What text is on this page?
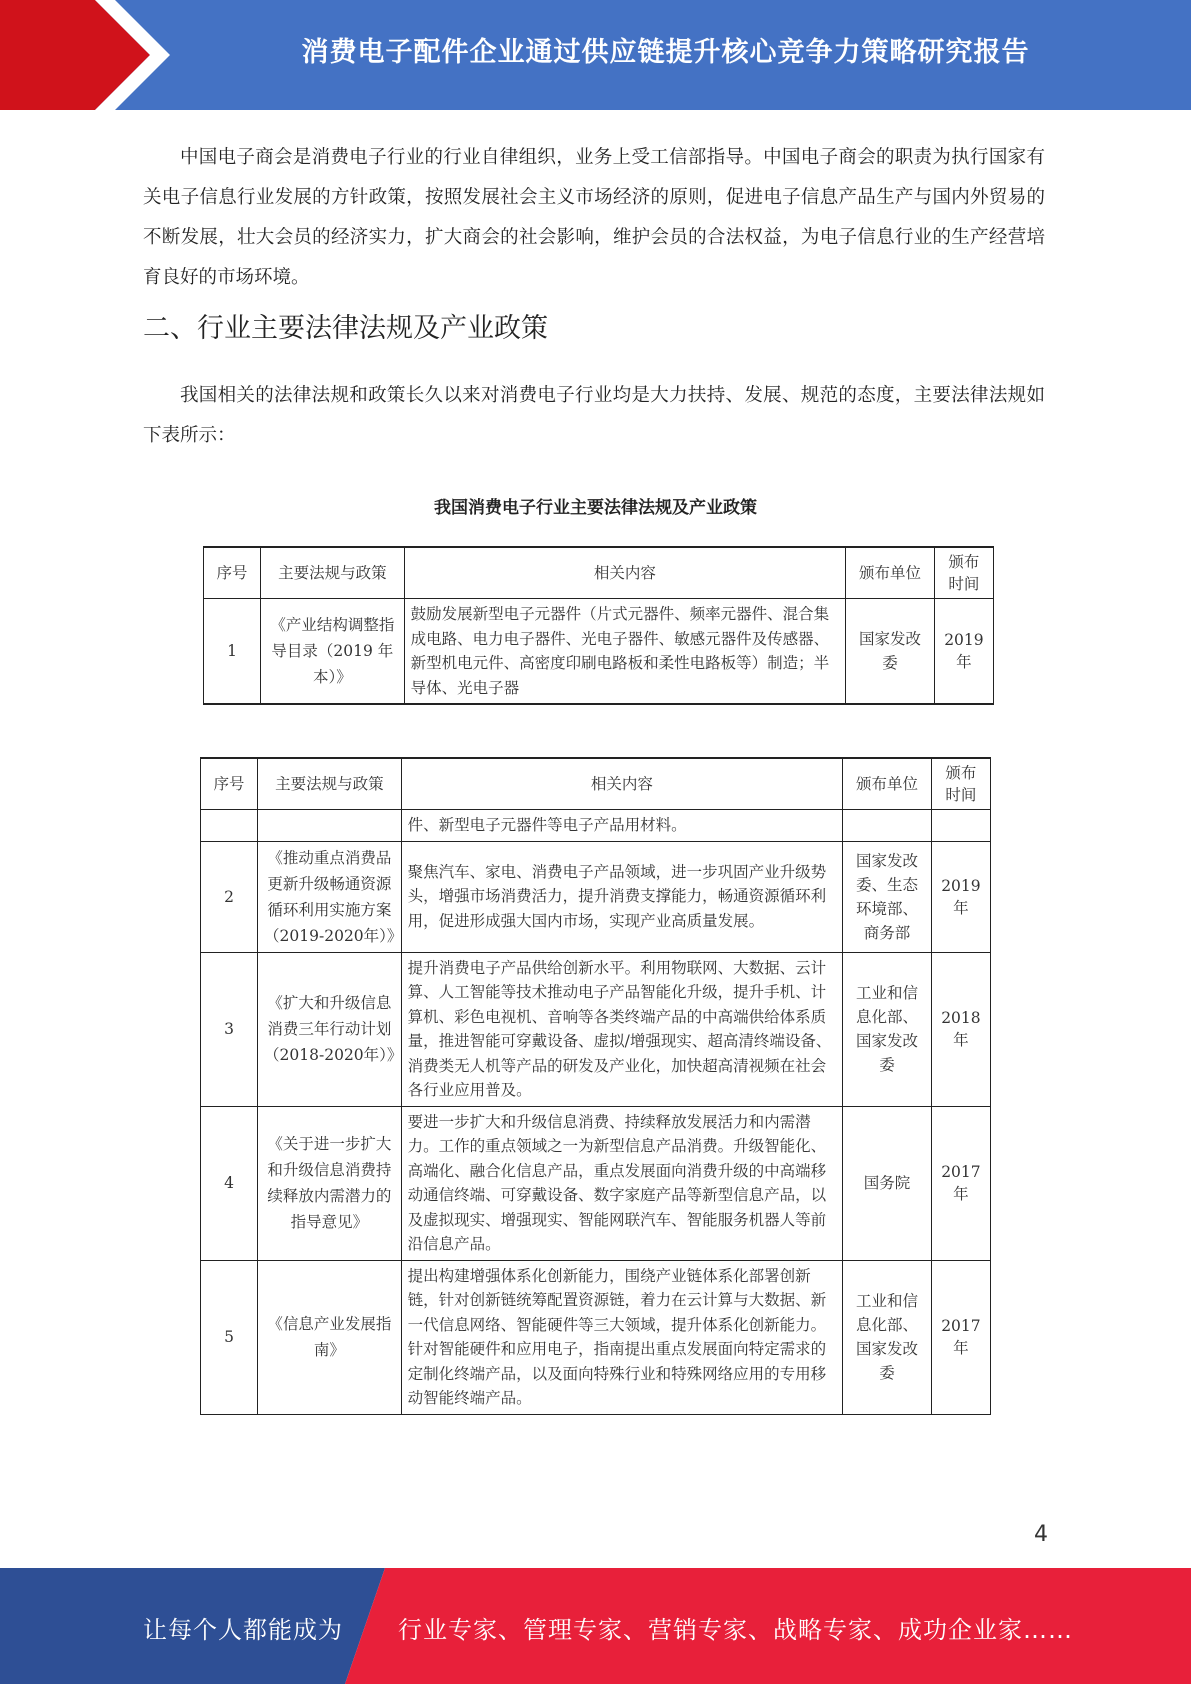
消费电子配件企业通过供应链提升核心竞争力策略研究报告

中国电子商会是消费电子行业的行业自律组织，业务上受工信部指导。中国电子商会的职责为执行国家有关电子信息行业发展的方针政策，按照发展社会主义市场经济的原则，促进电子信息产品生产与国内外贸易的不断发展，壮大会员的经济实力，扩大商会的社会影响，维护会员的合法权益，为电子信息行业的生产经营培育良好的市场环境。

二、行业主要法律法规及产业政策

我国相关的法律法规和政策长久以来对消费电子行业均是大力扶持、发展、规范的态度，主要法律法规如下表所示：

我国消费电子行业主要法律法规及产业政策
序号	主要法规与政策	相关内容	颁布单位	颁布时间
1	《产业结构调整指导目录（2019 年本）》	鼓励发展新型电子元器件（片式元器件、频率元器件、混合集成电路、电力电子器件、光电子器件、敏感元器件及传感器、新型机电元件、高密度印刷电路板和柔性电路板等）制造；半导体、光电子器	国家发改委	2019年
序号	主要法规与政策	相关内容	颁布单位	颁布时间
		件、新型电子元器件等电子产品用材料。		
2	《推动重点消费品更新升级畅通资源循环利用实施方案（2019-2020年）》	聚焦汽车、家电、消费电子产品领域，进一步巩固产业升级势头，增强市场消费活力，提升消费支撑能力，畅通资源循环利用，促进形成强大国内市场，实现产业高质量发展。	国家发改委、生态环境部、商务部	2019年
3	《扩大和升级信息消费三年行动计划（2018-2020年）》	提升消费电子产品供给创新水平。利用物联网、大数据、云计算、人工智能等技术推动电子产品智能化升级，提升手机、计算机、彩色电视机、音响等各类终端产品的中高端供给体系质量，推进智能可穿戴设备、虚拟/增强现实、超高清终端设备、消费类无人机等产品的研发及产业化，加快超高清视频在社会各行业应用普及。	工业和信息化部、国家发改委	2018年
4	《关于进一步扩大和升级信息消费持续释放内需潜力的指导意见》	要进一步扩大和升级信息消费、持续释放发展活力和内需潜力。工作的重点领域之一为新型信息产品消费。升级智能化、高端化、融合化信息产品，重点发展面向消费升级的中高端移动通信终端、可穿戴设备、数字家庭产品等新型信息产品，以及虚拟现实、增强现实、智能网联汽车、智能服务机器人等前沿信息产品。	国务院	2017年
5	《信息产业发展指南》	提出构建增强体系化创新能力，围绕产业链体系化部署创新链，针对创新链统筹配置资源链，着力在云计算与大数据、新一代信息网络、智能硬件等三大领域，提升体系化创新能力。针对智能硬件和应用电子，指南提出重点发展面向特定需求的定制化终端产品，以及面向特殊行业和特殊网络应用的专用移动智能终端产品。	工业和信息化部、国家发改委	2017年
4
让每个人都能成为 行业专家、管理专家、营销专家、战略专家、成功企业家……
